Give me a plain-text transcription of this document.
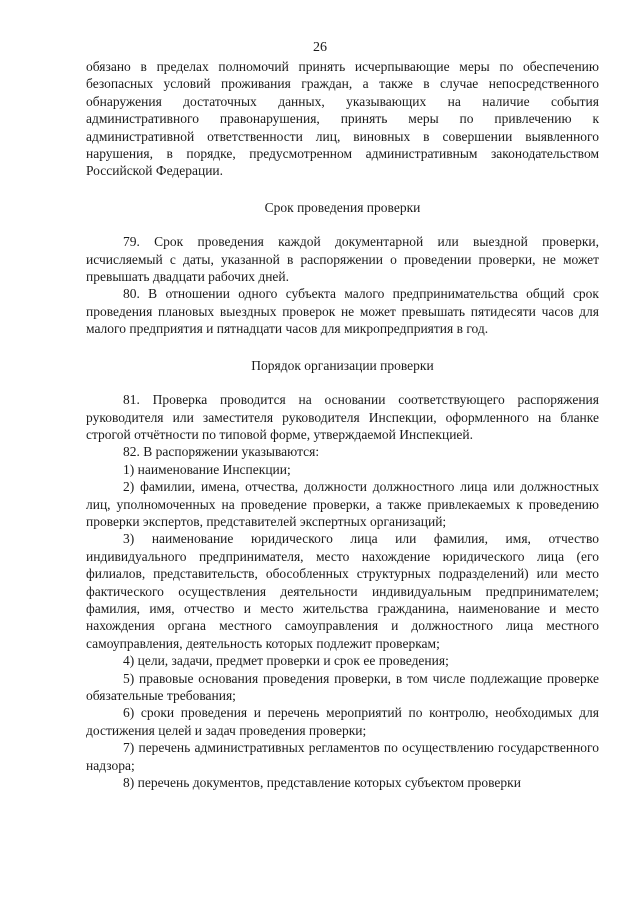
26

обязано в пределах полномочий принять исчерпывающие меры по обеспечению безопасных условий проживания граждан, а также в случае непосредственного обнаружения достаточных данных, указывающих на наличие события административного правонарушения, принять меры по привлечению к административной ответственности лиц, виновных в совершении выявленного нарушения, в порядке, предусмотренном административным законодательством Российской Федерации.

Срок проведения проверки

79. Срок проведения каждой документарной или выездной проверки, исчисляемый с даты, указанной в распоряжении о проведении проверки, не может превышать двадцати рабочих дней.

80. В отношении одного субъекта малого предпринимательства общий срок проведения плановых выездных проверок не может превышать пятидесяти часов для малого предприятия и пятнадцати часов для микропредприятия в год.

Порядок организации проверки

81. Проверка проводится на основании соответствующего распоряжения руководителя или заместителя руководителя Инспекции, оформленного на бланке строгой отчётности по типовой форме, утверждаемой Инспекцией.

82. В распоряжении указываются:

1) наименование Инспекции;

2) фамилии, имена, отчества, должности должностного лица или должностных лиц, уполномоченных на проведение проверки, а также привлекаемых к проведению проверки экспертов, представителей экспертных организаций;

3) наименование юридического лица или фамилия, имя, отчество индивидуального предпринимателя, место нахождение юридического лица (его филиалов, представительств, обособленных структурных подразделений) или место фактического осуществления деятельности индивидуальным предпринимателем; фамилия, имя, отчество и место жительства гражданина, наименование и место нахождения органа местного самоуправления и должностного лица местного самоуправления, деятельность которых подлежит проверкам;

4) цели, задачи, предмет проверки и срок ее проведения;

5) правовые основания проведения проверки, в том числе подлежащие проверке обязательные требования;

6) сроки проведения и перечень мероприятий по контролю, необходимых для достижения целей и задач проведения проверки;

7) перечень административных регламентов по осуществлению государственного надзора;

8) перечень документов, представление которых субъектом проверки
